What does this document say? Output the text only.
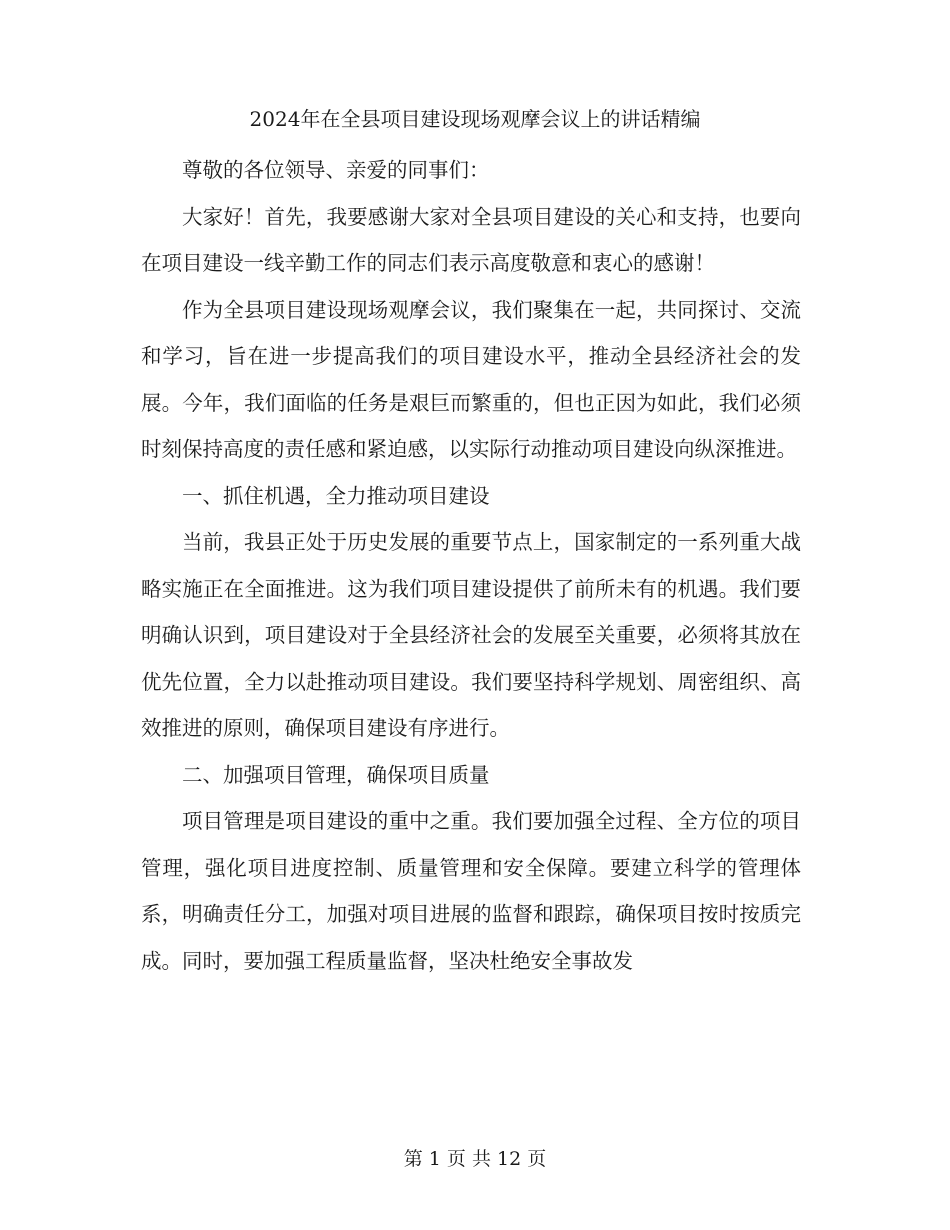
2024年在全县项目建设现场观摩会议上的讲话精编

尊敬的各位领导、亲爱的同事们：

大家好！首先，我要感谢大家对全县项目建设的关心和支持，也要向在项目建设一线辛勤工作的同志们表示高度敬意和衷心的感谢！

作为全县项目建设现场观摩会议，我们聚集在一起，共同探讨、交流和学习，旨在进一步提高我们的项目建设水平，推动全县经济社会的发展。今年，我们面临的任务是艰巨而繁重的，但也正因为如此，我们必须时刻保持高度的责任感和紧迫感，以实际行动推动项目建设向纵深推进。

一、抓住机遇，全力推动项目建设

当前，我县正处于历史发展的重要节点上，国家制定的一系列重大战略实施正在全面推进。这为我们项目建设提供了前所未有的机遇。我们要明确认识到，项目建设对于全县经济社会的发展至关重要，必须将其放在优先位置，全力以赴推动项目建设。我们要坚持科学规划、周密组织、高效推进的原则，确保项目建设有序进行。

二、加强项目管理，确保项目质量

项目管理是项目建设的重中之重。我们要加强全过程、全方位的项目管理，强化项目进度控制、质量管理和安全保障。要建立科学的管理体系，明确责任分工，加强对项目进展的监督和跟踪，确保项目按时按质完成。同时，要加强工程质量监督，坚决杜绝安全事故发

第 1 页 共 12 页
